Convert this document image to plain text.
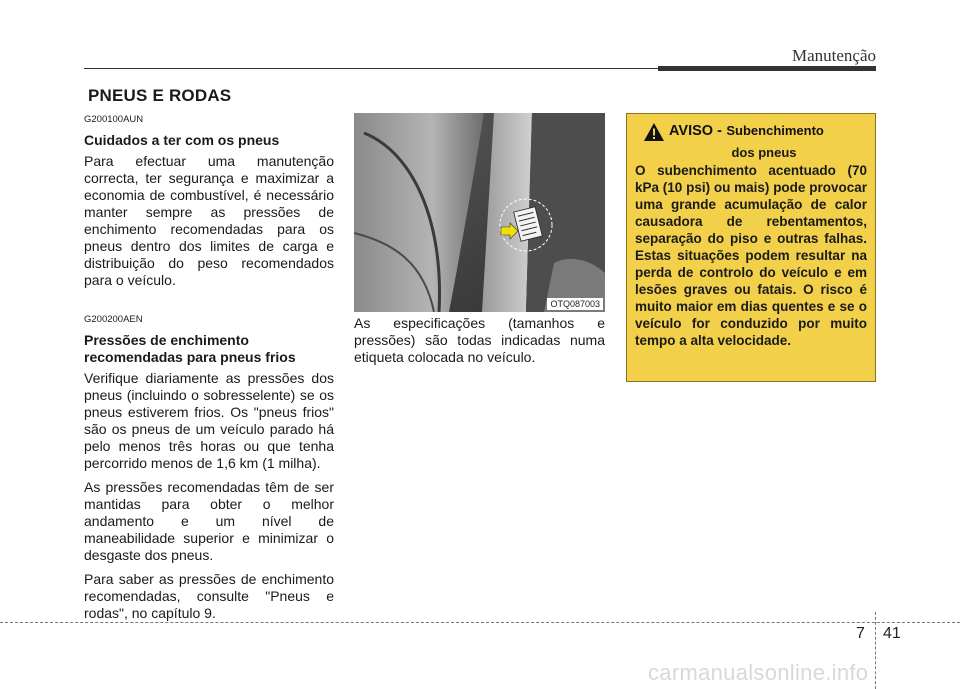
Manutenção
PNEUS E RODAS

G200100AUN

Cuidados a ter com os pneus

Para efectuar uma manutenção correcta, ter segurança e maximizar a economia de combustível, é necessário manter sempre as pressões de enchimento recomendadas para os pneus dentro dos limites de carga e distribuição do peso recomendados para o veículo.

G200200AEN

Pressões de enchimento recomendadas para pneus frios

Verifique diariamente as pressões dos pneus (incluindo o sobresselente) se os pneus estiverem frios. Os "pneus frios" são os pneus de um veículo parado há pelo menos três horas ou que tenha percorrido menos de 1,6 km (1 milha).

As pressões recomendadas têm de ser mantidas para obter o melhor andamento e um nível de maneabilidade superior e minimizar o desgaste dos pneus.

Para saber as pressões de enchimento recomendadas, consulte "Pneus e rodas", no capítulo 9.

OTQ087003

As especificações (tamanhos e pressões) são todas indicadas numa etiqueta colocada no veículo.

AVISO - Subenchimento
dos pneus
O subenchimento acentuado (70 kPa (10 psi) ou mais) pode provocar uma grande acumulação de calor causadora de rebentamentos, separação do piso e outras falhas. Estas situações podem resultar na perda de controlo do veículo e em lesões graves ou fatais. O risco é muito maior em dias quentes e se o veículo for conduzido por muito tempo a alta velocidade.
7 41
carmanualsonline.info
